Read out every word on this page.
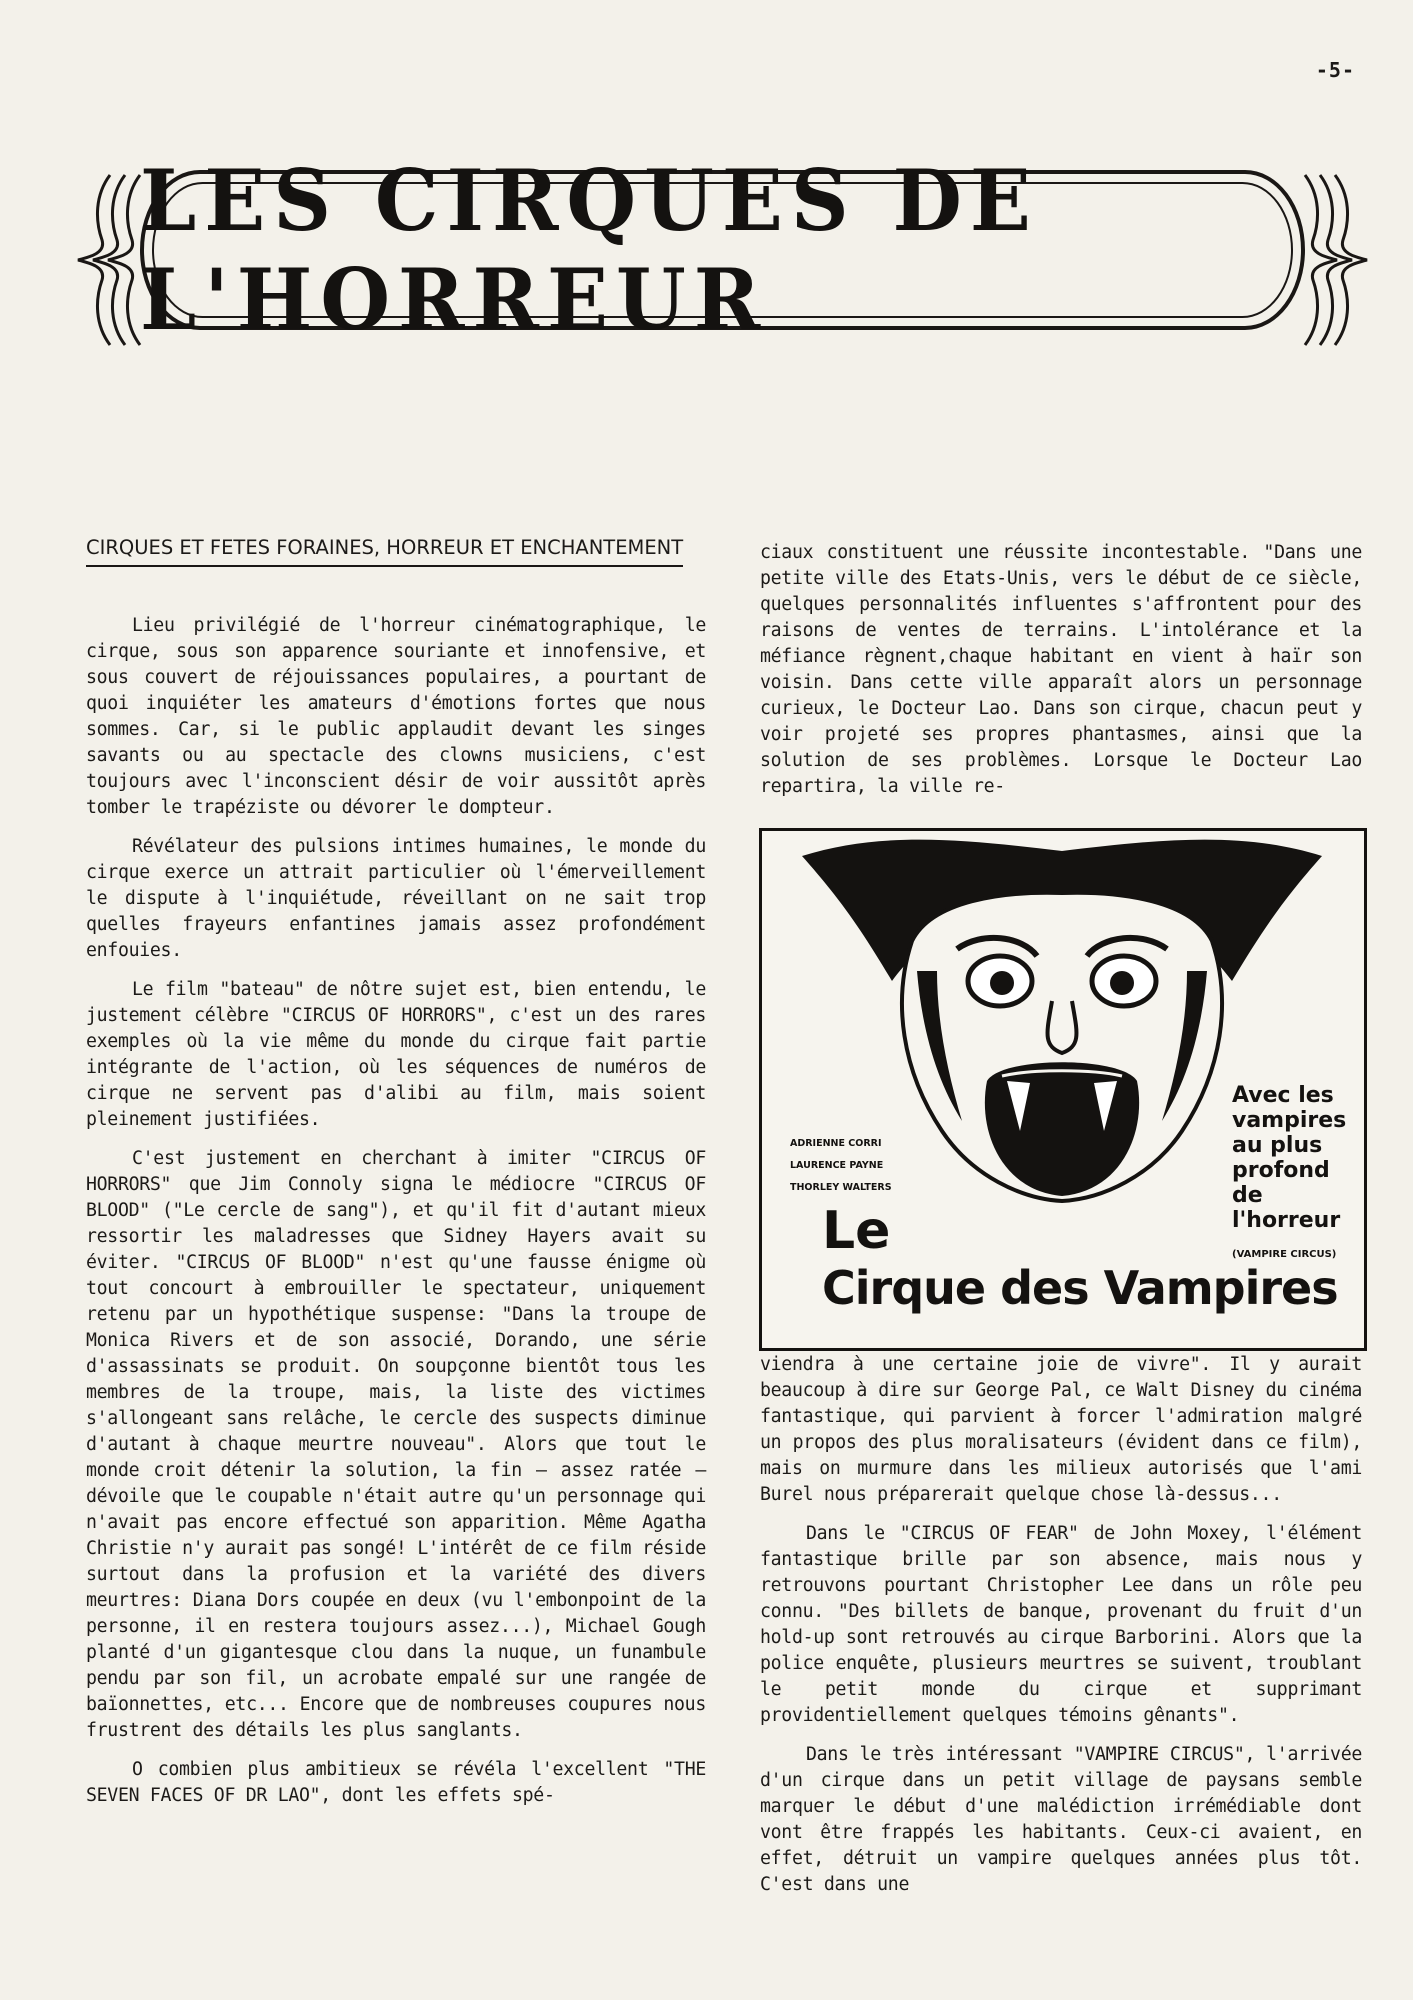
-5-
LES CIRQUES DE L'HORREUR
CIRQUES ET FETES FORAINES, HORREUR ET ENCHANTEMENT

Lieu privilégié de l'horreur cinématographique, le cirque, sous son apparence souriante et innofensive, et sous couvert de réjouissances populaires, a pourtant de quoi inquiéter les amateurs d'émotions fortes que nous sommes. Car, si le public applaudit devant les singes savants ou au spectacle des clowns musiciens, c'est toujours avec l'inconscient désir de voir aussitôt après tomber le trapéziste ou dévorer le dompteur.

Révélateur des pulsions intimes humaines, le monde du cirque exerce un attrait particulier où l'émerveillement le dispute à l'inquiétude, réveillant on ne sait trop quelles frayeurs enfantines jamais assez profondément enfouies.

Le film "bateau" de nôtre sujet est, bien entendu, le justement célèbre "CIRCUS OF HORRORS", c'est un des rares exemples où la vie même du monde du cirque fait partie intégrante de l'action, où les séquences de numéros de cirque ne servent pas d'alibi au film, mais soient pleinement justifiées.

C'est justement en cherchant à imiter "CIRCUS OF HORRORS" que Jim Connoly signa le médiocre "CIRCUS OF BLOOD" ("Le cercle de sang"), et qu'il fit d'autant mieux ressortir les maladresses que Sidney Hayers avait su éviter. "CIRCUS OF BLOOD" n'est qu'une fausse énigme où tout concourt à embrouiller le spectateur, uniquement retenu par un hypothétique suspense: "Dans la troupe de Monica Rivers et de son associé, Dorando, une série d'assassinats se produit. On soupçonne bientôt tous les membres de la troupe, mais, la liste des victimes s'allongeant sans relâche, le cercle des suspects diminue d'autant à chaque meurtre nouveau". Alors que tout le monde croit détenir la solution, la fin — assez ratée — dévoile que le coupable n'était autre qu'un personnage qui n'avait pas encore effectué son apparition. Même Agatha Christie n'y aurait pas songé! L'intérêt de ce film réside surtout dans la profusion et la variété des divers meurtres: Diana Dors coupée en deux (vu l'embonpoint de la personne, il en restera toujours assez...), Michael Gough planté d'un gigantesque clou dans la nuque, un funambule pendu par son fil, un acrobate empalé sur une rangée de baïonnettes, etc... Encore que de nombreuses coupures nous frustrent des détails les plus sanglants.

O combien plus ambitieux se révéla l'excellent "THE SEVEN FACES OF DR LAO", dont les effets spé-

ciaux constituent une réussite incontestable. "Dans une petite ville des Etats-Unis, vers le début de ce siècle, quelques personnalités influentes s'affrontent pour des raisons de ventes de terrains. L'intolérance et la méfiance règnent,chaque habitant en vient à haïr son voisin. Dans cette ville apparaît alors un personnage curieux, le Docteur Lao. Dans son cirque, chacun peut y voir projeté ses propres phantasmes, ainsi que la solution de ses problèmes. Lorsque le Docteur Lao repartira, la ville re-

ADRIENNE CORRI
LAURENCE PAYNE
THORLEY WALTERS
Avec les vampires au plus profond de l'horreur
(VAMPIRE CIRCUS)
Le
Cirque des Vampires

viendra à une certaine joie de vivre". Il y aurait beaucoup à dire sur George Pal, ce Walt Disney du cinéma fantastique, qui parvient à forcer l'admiration malgré un propos des plus moralisateurs (évident dans ce film), mais on murmure dans les milieux autorisés que l'ami Burel nous préparerait quelque chose là-dessus...

Dans le "CIRCUS OF FEAR" de John Moxey, l'élément fantastique brille par son absence, mais nous y retrouvons pourtant Christopher Lee dans un rôle peu connu. "Des billets de banque, provenant du fruit d'un hold-up sont retrouvés au cirque Barborini. Alors que la police enquête, plusieurs meurtres se suivent, troublant le petit monde du cirque et supprimant providentiellement quelques témoins gênants".

Dans le très intéressant "VAMPIRE CIRCUS", l'arrivée d'un cirque dans un petit village de paysans semble marquer le début d'une malédiction irrémédiable dont vont être frappés les habitants. Ceux-ci avaient, en effet, détruit un vampire quelques années plus tôt. C'est dans une
